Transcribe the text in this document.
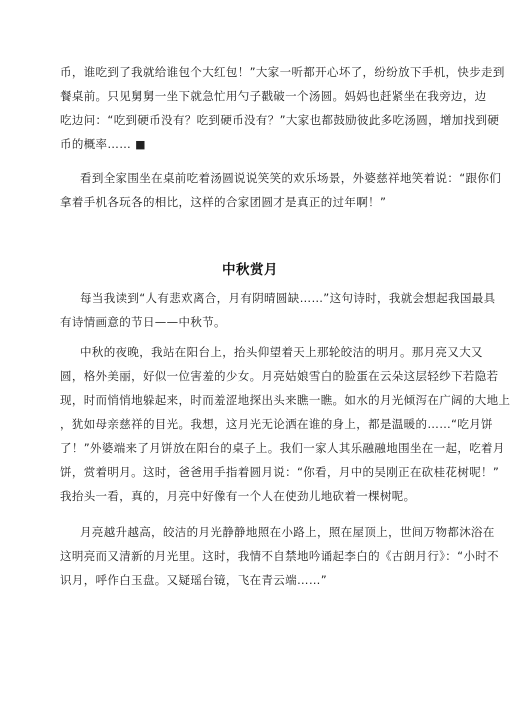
币，谁吃到了我就给谁包个大红包！”大家一听都开心坏了，纷纷放下手机，快步走到
餐桌前。只见舅舅一坐下就急忙用勺子戳破一个汤圆。妈妈也赶紧坐在我旁边，边
吃边问：“吃到硬币没有？吃到硬币没有？”大家也都鼓励彼此多吃汤圆，增加找到硬
币的概率…… ■
看到全家围坐在桌前吃着汤圆说说笑笑的欢乐场景，外婆慈祥地笑着说：“跟你们
拿着手机各玩各的相比，这样的合家团圆才是真正的过年啊！”
中秋赏月
每当我读到“人有悲欢离合，月有阴晴圆缺……”这句诗时，我就会想起我国最具
有诗情画意的节日——中秋节。
中秋的夜晚，我站在阳台上，抬头仰望着天上那轮皎洁的明月。那月亮又大又
圆，格外美丽，好似一位害羞的少女。月亮姑娘雪白的脸蛋在云朵这层轻纱下若隐若
现，时而悄悄地躲起来，时而羞涩地探出头来瞧一瞧。如水的月光倾泻在广阔的大地上
，犹如母亲慈祥的目光。我想，这月光无论洒在谁的身上，都是温暖的……“吃月饼
了！”外婆端来了月饼放在阳台的桌子上。我们一家人其乐融融地围坐在一起，吃着月
饼，赏着明月。这时，爸爸用手指着圆月说：“你看，月中的吴刚正在砍桂花树呢！”
我抬头一看，真的，月亮中好像有一个人在使劲儿地砍着一棵树呢。
月亮越升越高，皎洁的月光静静地照在小路上，照在屋顶上，世间万物都沐浴在
这明亮而又清新的月光里。这时，我情不自禁地吟诵起李白的《古朗月行》：“小时不
识月，呼作白玉盘。又疑瑶台镜，飞在青云端……”
